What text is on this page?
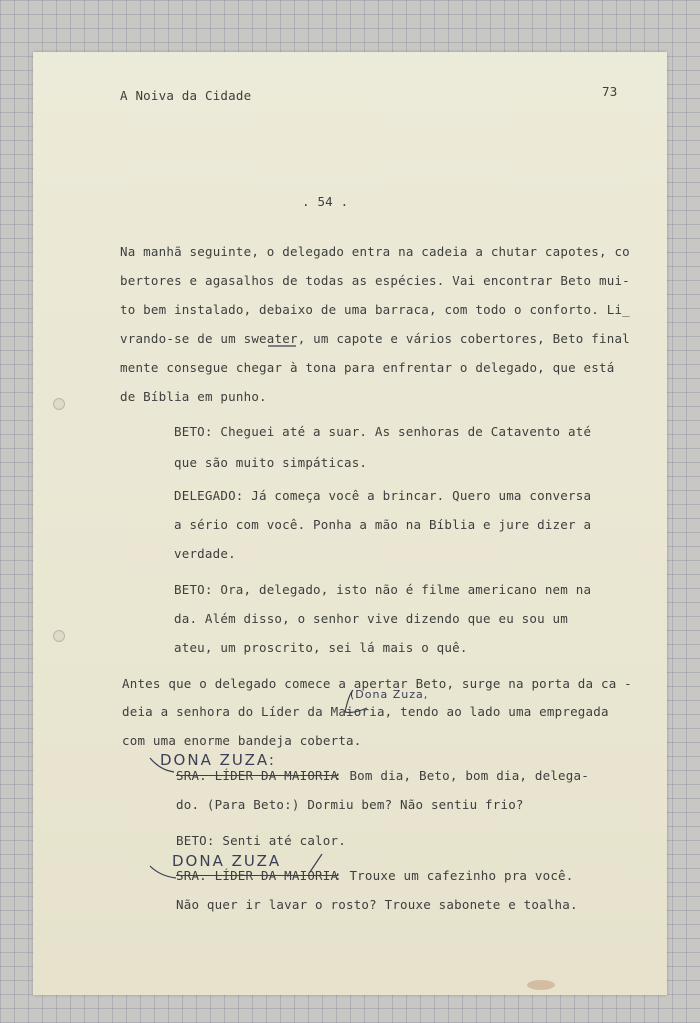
A Noiva da Cidade	73
. 54 .
Na manhã seguinte, o delegado entra na cadeia a chutar capotes, co
bertores e agasalhos de todas as espécies. Vai encontrar Beto mui-
to bem instalado, debaixo de uma barraca, com todo o conforto. Li_
vrando-se de um sweater, um capote e vários cobertores, Beto final
mente consegue chegar à tona para enfrentar o delegado, que está
de Bíblia em punho.
BETO: Cheguei até a suar. As senhoras de Catavento até
que são muito simpáticas.
DELEGADO: Já começa você a brincar. Quero uma conversa
a sério com você. Ponha a mão na Bíblia e jure dizer a
verdade.
BETO: Ora, delegado, isto não é filme americano nem na
da. Além disso, o senhor vive dizendo que eu sou um
ateu, um proscrito, sei lá mais o quê.
Antes que o delegado comece a apertar Beto, surge na porta da ca -
(Dona Zuza,
deia a senhora do Líder da Maioria, tendo ao lado uma empregada
com uma enorme bandeja coberta.
DONA ZUZA:
SRA. LÍDER DA MAIORIA
: Bom dia, Beto, bom dia, delega-
do. (Para Beto:) Dormiu bem? Não sentiu frio?
BETO: Senti até calor.
DONA ZUZA
SRA. LÍDER DA MAIORIA
: Trouxe um cafezinho pra você.
Não quer ir lavar o rosto? Trouxe sabonete e toalha.
